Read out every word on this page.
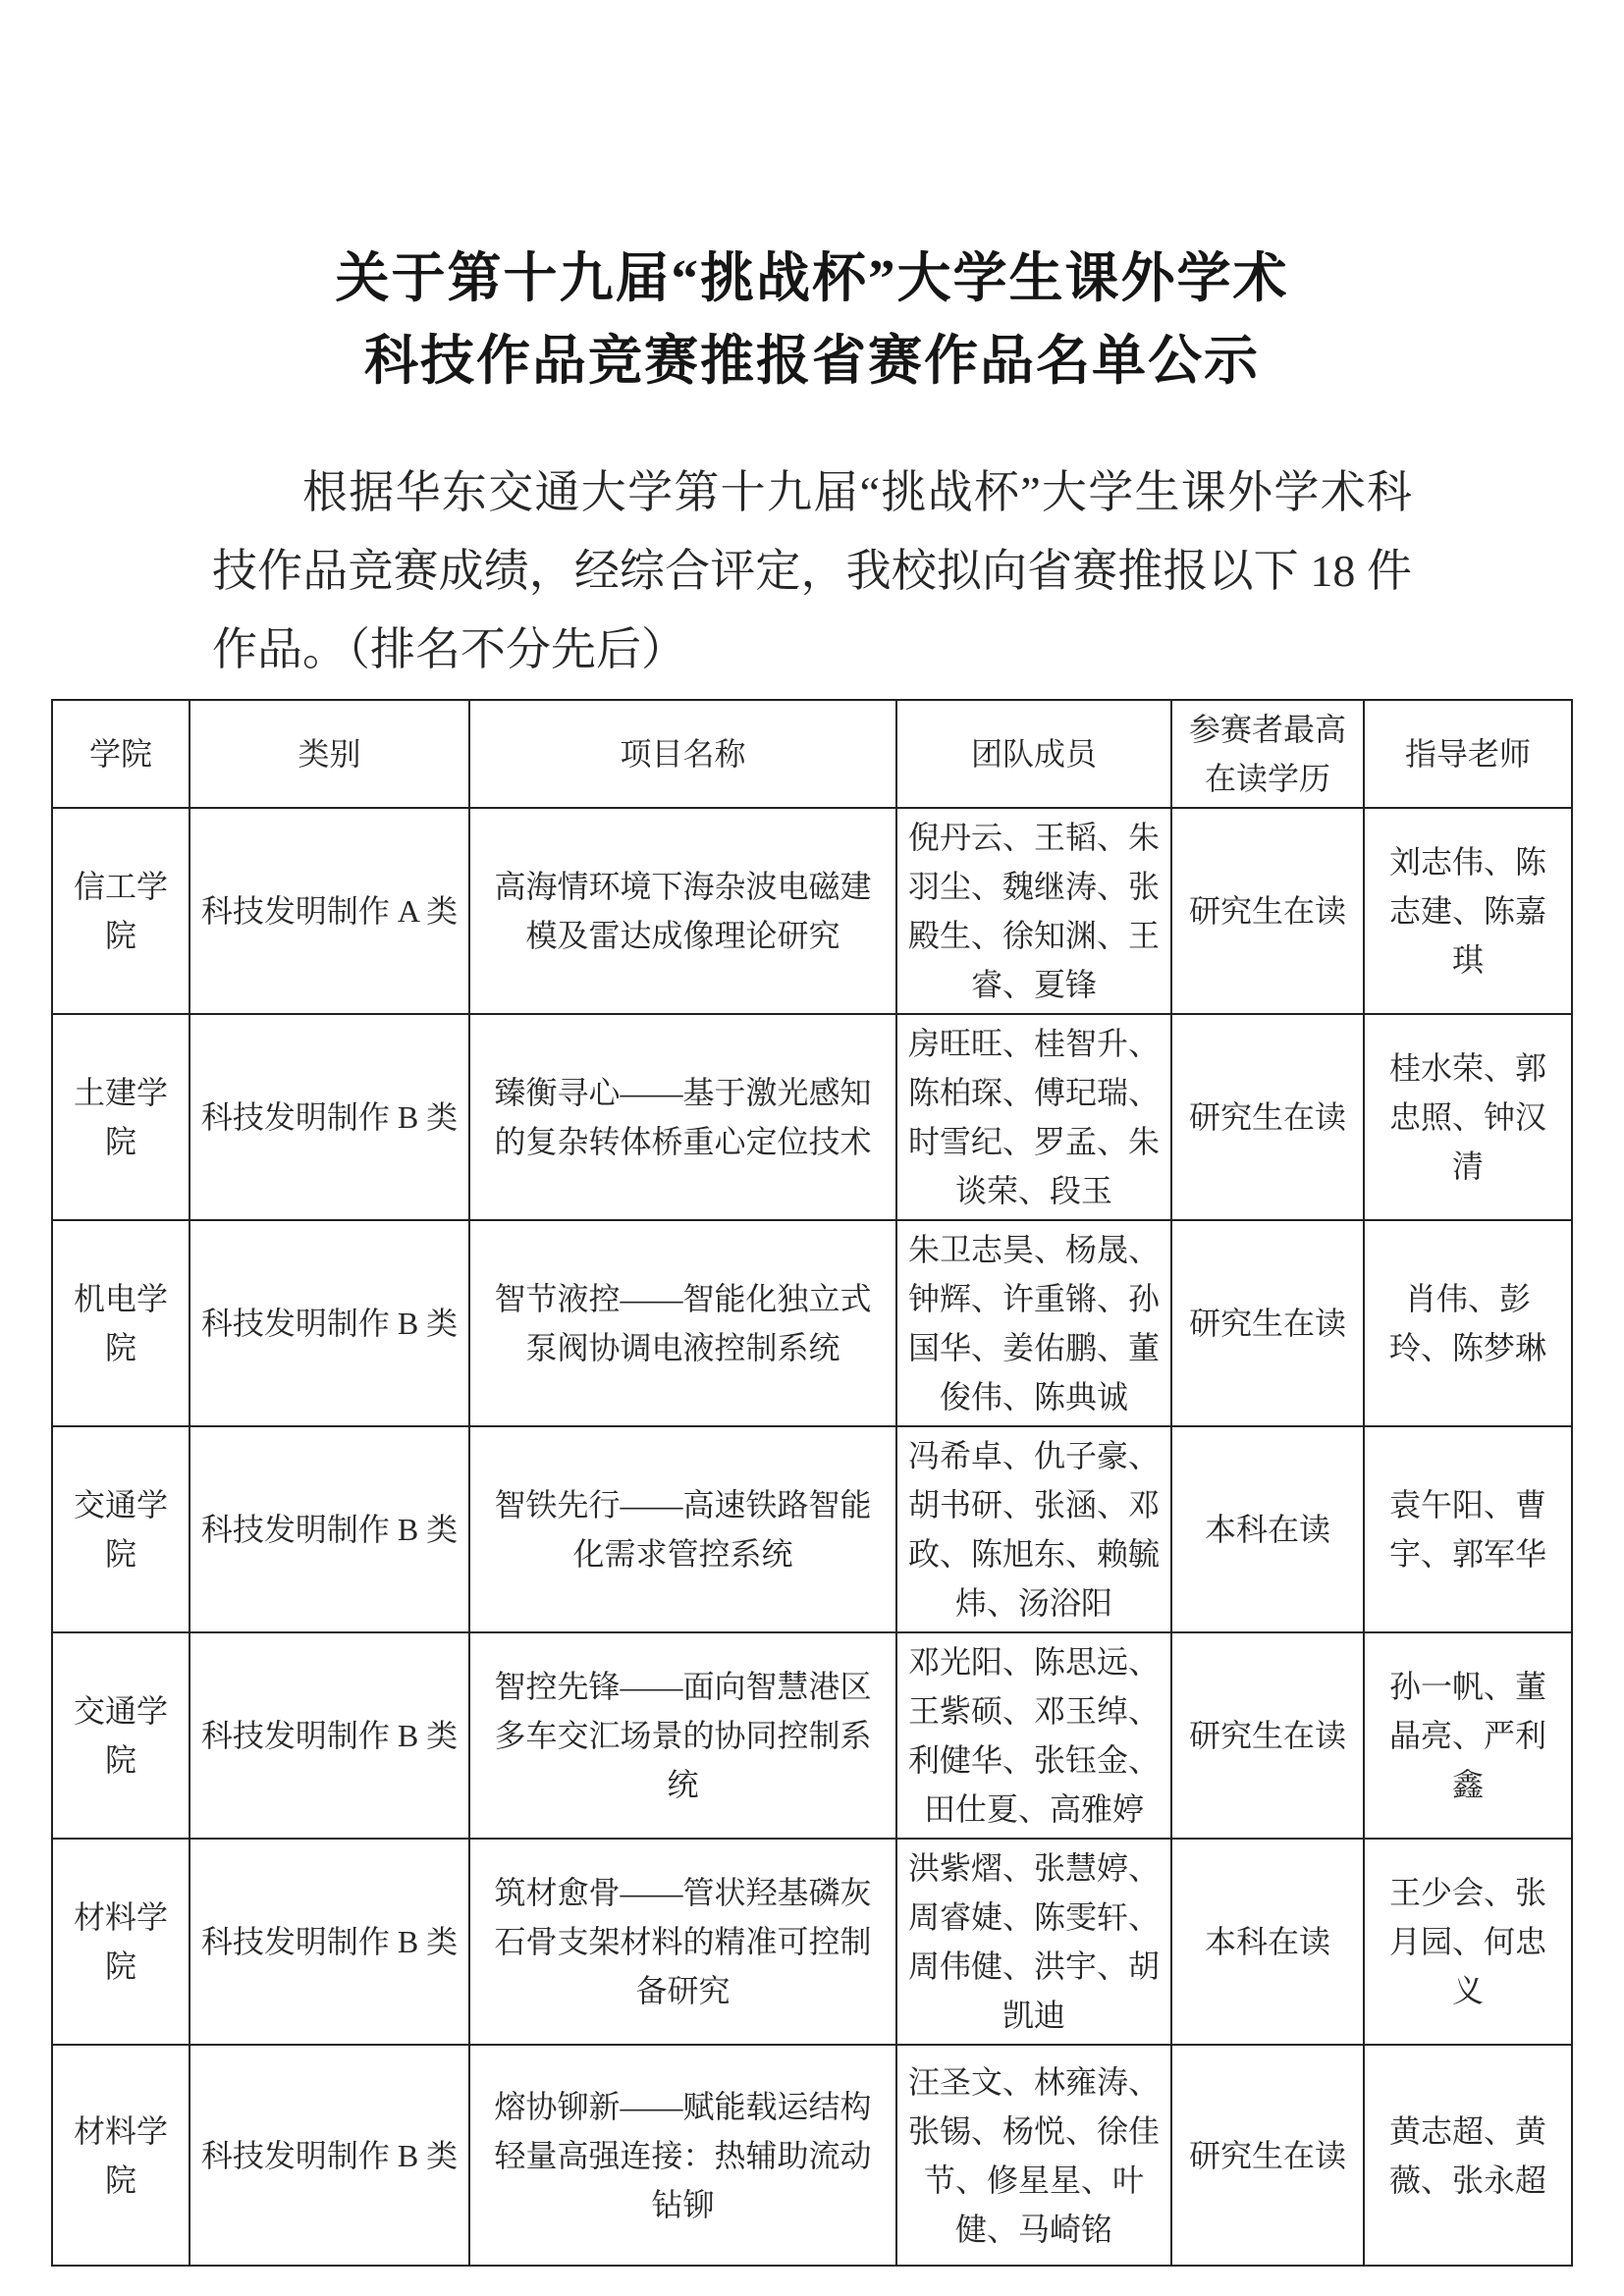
关于第十九届“挑战杯”大学生课外学术
科技作品竞赛推报省赛作品名单公示

根据华东交通大学第十九届“挑战杯”大学生课外学术科技作品竞赛成绩，经综合评定，我校拟向省赛推报以下 18 件作品。（排名不分先后）

学院	类别	项目名称	团队成员	参赛者最高在读学历	指导老师
信工学院	科技发明制作 A 类	高海情环境下海杂波电磁建模及雷达成像理论研究	倪丹云、王韬、朱羽尘、魏继涛、张殿生、徐知渊、王睿、夏锋	研究生在读	刘志伟、陈志建、陈嘉琪
土建学院	科技发明制作 B 类	臻衡寻心——基于激光感知的复杂转体桥重心定位技术	房旺旺、桂智升、陈柏琛、傅玘瑞、时雪纪、罗孟、朱谈荣、段玉	研究生在读	桂水荣、郭忠照、钟汉清
机电学院	科技发明制作 B 类	智节液控——智能化独立式泵阀协调电液控制系统	朱卫志昊、杨晟、钟辉、许重锵、孙国华、姜佑鹏、董俊伟、陈典诚	研究生在读	肖伟、彭玲、陈梦琳
交通学院	科技发明制作 B 类	智铁先行——高速铁路智能化需求管控系统	冯希卓、仇子豪、胡书研、张涵、邓政、陈旭东、赖毓炜、汤浴阳	本科在读	袁午阳、曹宇、郭军华
交通学院	科技发明制作 B 类	智控先锋——面向智慧港区多车交汇场景的协同控制系统	邓光阳、陈思远、王紫硕、邓玉绰、利健华、张钰金、田仕夏、高雅婷	研究生在读	孙一帆、董晶亮、严利鑫
材料学院	科技发明制作 B 类	筑材愈骨——管状羟基磷灰石骨支架材料的精准可控制备研究	洪紫熠、张慧婷、周睿婕、陈雯轩、周伟健、洪宇、胡凯迪	本科在读	王少会、张月园、何忠义
材料学院	科技发明制作 B 类	熔协铆新——赋能载运结构轻量高强连接：热辅助流动钻铆	汪圣文、林雍涛、张锡、杨悦、徐佳节、修星星、叶健、马崎铭	研究生在读	黄志超、黄薇、张永超
